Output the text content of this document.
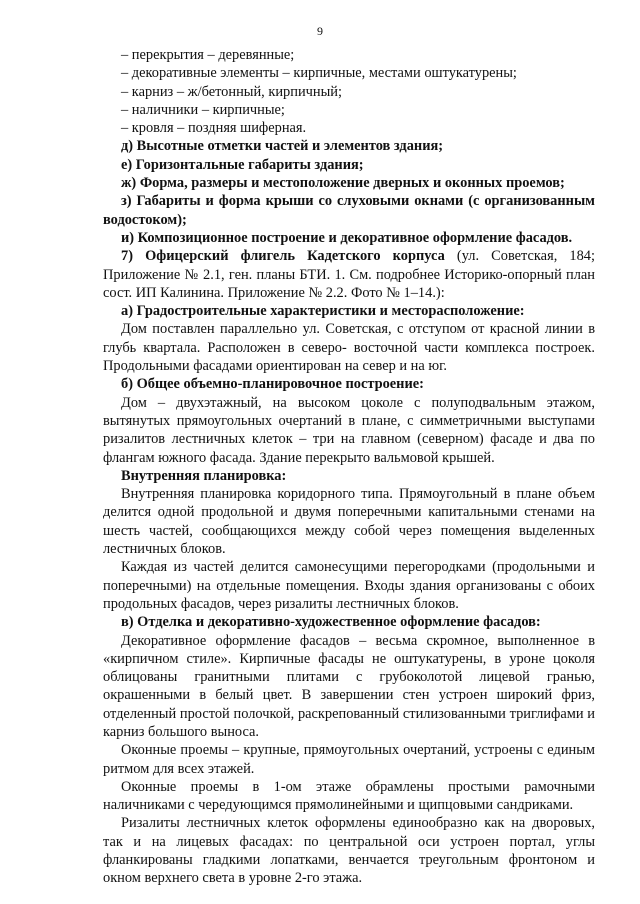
9
– перекрытия – деревянные;
– декоративные элементы – кирпичные, местами оштукатурены;
– карниз – ж/бетонный, кирпичный;
– наличники – кирпичные;
– кровля – поздняя шиферная.

д) Высотные отметки частей и элементов здания;

е) Горизонтальные габариты здания;

ж) Форма, размеры и местоположение дверных и оконных проемов;

з) Габариты и форма крыши со слуховыми окнами (с организованным водостоком);

и) Композиционное построение и декоративное оформление фасадов.

7) Офицерский флигель Кадетского корпуса (ул. Советская, 184; Приложение № 2.1, ген. планы БТИ. 1. См. подробнее Историко-опорный план сост. ИП Калинина. Приложение № 2.2. Фото № 1–14.):

а) Градостроительные характеристики и месторасположение:

Дом поставлен параллельно ул. Советская, с отступом от красной линии в глубь квартала. Расположен в северо- восточной части комплекса построек. Продольными фасадами ориентирован на север и на юг.

б) Общее объемно-планировочное построение:

Дом – двухэтажный, на высоком цоколе с полуподвальным этажом, вытянутых прямоугольных очертаний в плане, с симметричными выступами ризалитов лестничных клеток – три на главном (северном) фасаде и два по флангам южного фасада. Здание перекрыто вальмовой крышей.

Внутренняя планировка:

Внутренняя планировка коридорного типа. Прямоугольный в плане объем делится одной продольной и двумя поперечными капитальными стенами на шесть частей, сообщающихся между собой через помещения выделенных лестничных блоков.

Каждая из частей делится самонесущими перегородками (продольными и поперечными) на отдельные помещения. Входы здания организованы с обоих продольных фасадов, через ризалиты лестничных блоков.

в) Отделка и декоративно-художественное оформление фасадов:

Декоративное оформление фасадов – весьма скромное, выполненное в «кирпичном стиле». Кирпичные фасады не оштукатурены, в уроне цоколя облицованы гранитными плитами с грубоколотой лицевой гранью, окрашенными в белый цвет. В завершении стен устроен широкий фриз, отделенный простой полочкой, раскрепованный стилизованными триглифами и карниз большого выноса.

Оконные проемы – крупные, прямоугольных очертаний, устроены с единым ритмом для всех этажей.

Оконные проемы в 1-ом этаже обрамлены простыми рамочными наличниками с чередующимся прямолинейными и щипцовыми сандриками.

Ризалиты лестничных клеток оформлены единообразно как на дворовых, так и на лицевых фасадах: по центральной оси устроен портал, углы фланкированы гладкими лопатками, венчается треугольным фронтоном и окном верхнего света в уровне 2-го этажа.
